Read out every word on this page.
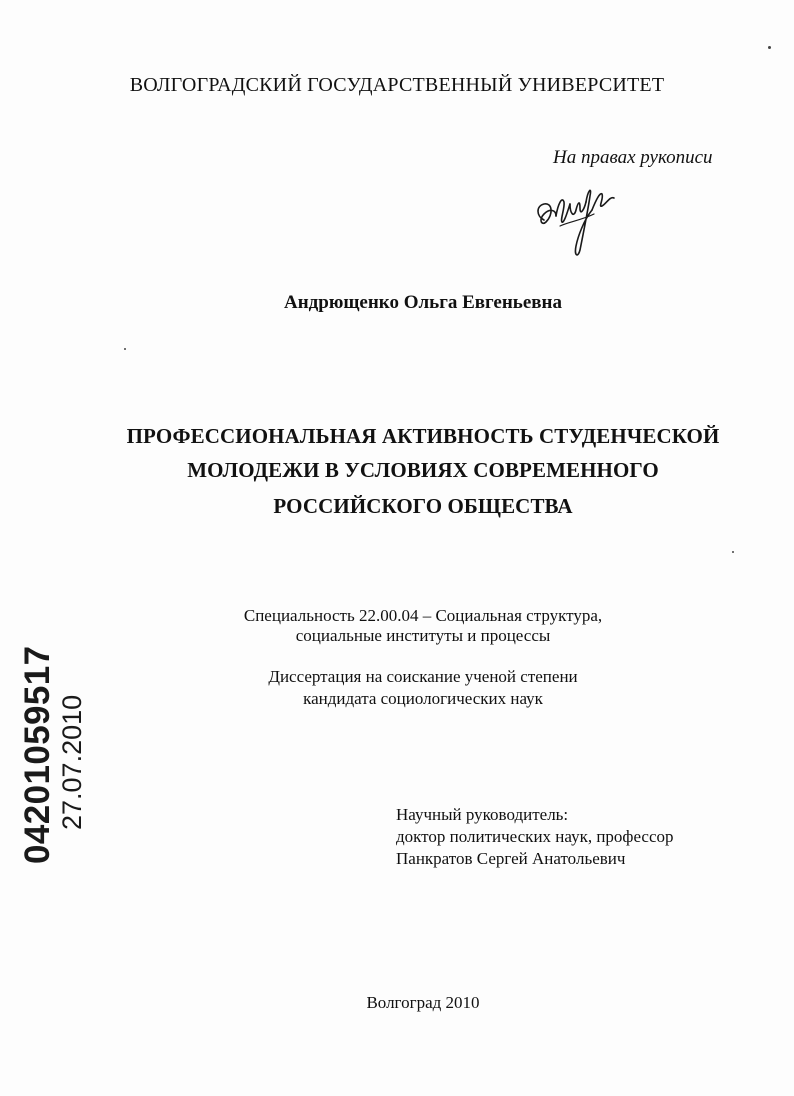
ВОЛГОГРАДСКИЙ ГОСУДАРСТВЕННЫЙ УНИВЕРСИТЕТ
На правах рукописи
Андрющенко Ольга Евгеньевна
ПРОФЕССИОНАЛЬНАЯ АКТИВНОСТЬ СТУДЕНЧЕСКОЙ
МОЛОДЕЖИ В УСЛОВИЯХ СОВРЕМЕННОГО
РОССИЙСКОГО ОБЩЕСТВА
Специальность 22.00.04 – Социальная структура,
социальные институты и процессы
Диссертация на соискание ученой степени
кандидата социологических наук
Научный руководитель:
доктор политических наук, профессор
Панкратов Сергей Анатольевич
Волгоград 2010
04201059517 27.07.2010
